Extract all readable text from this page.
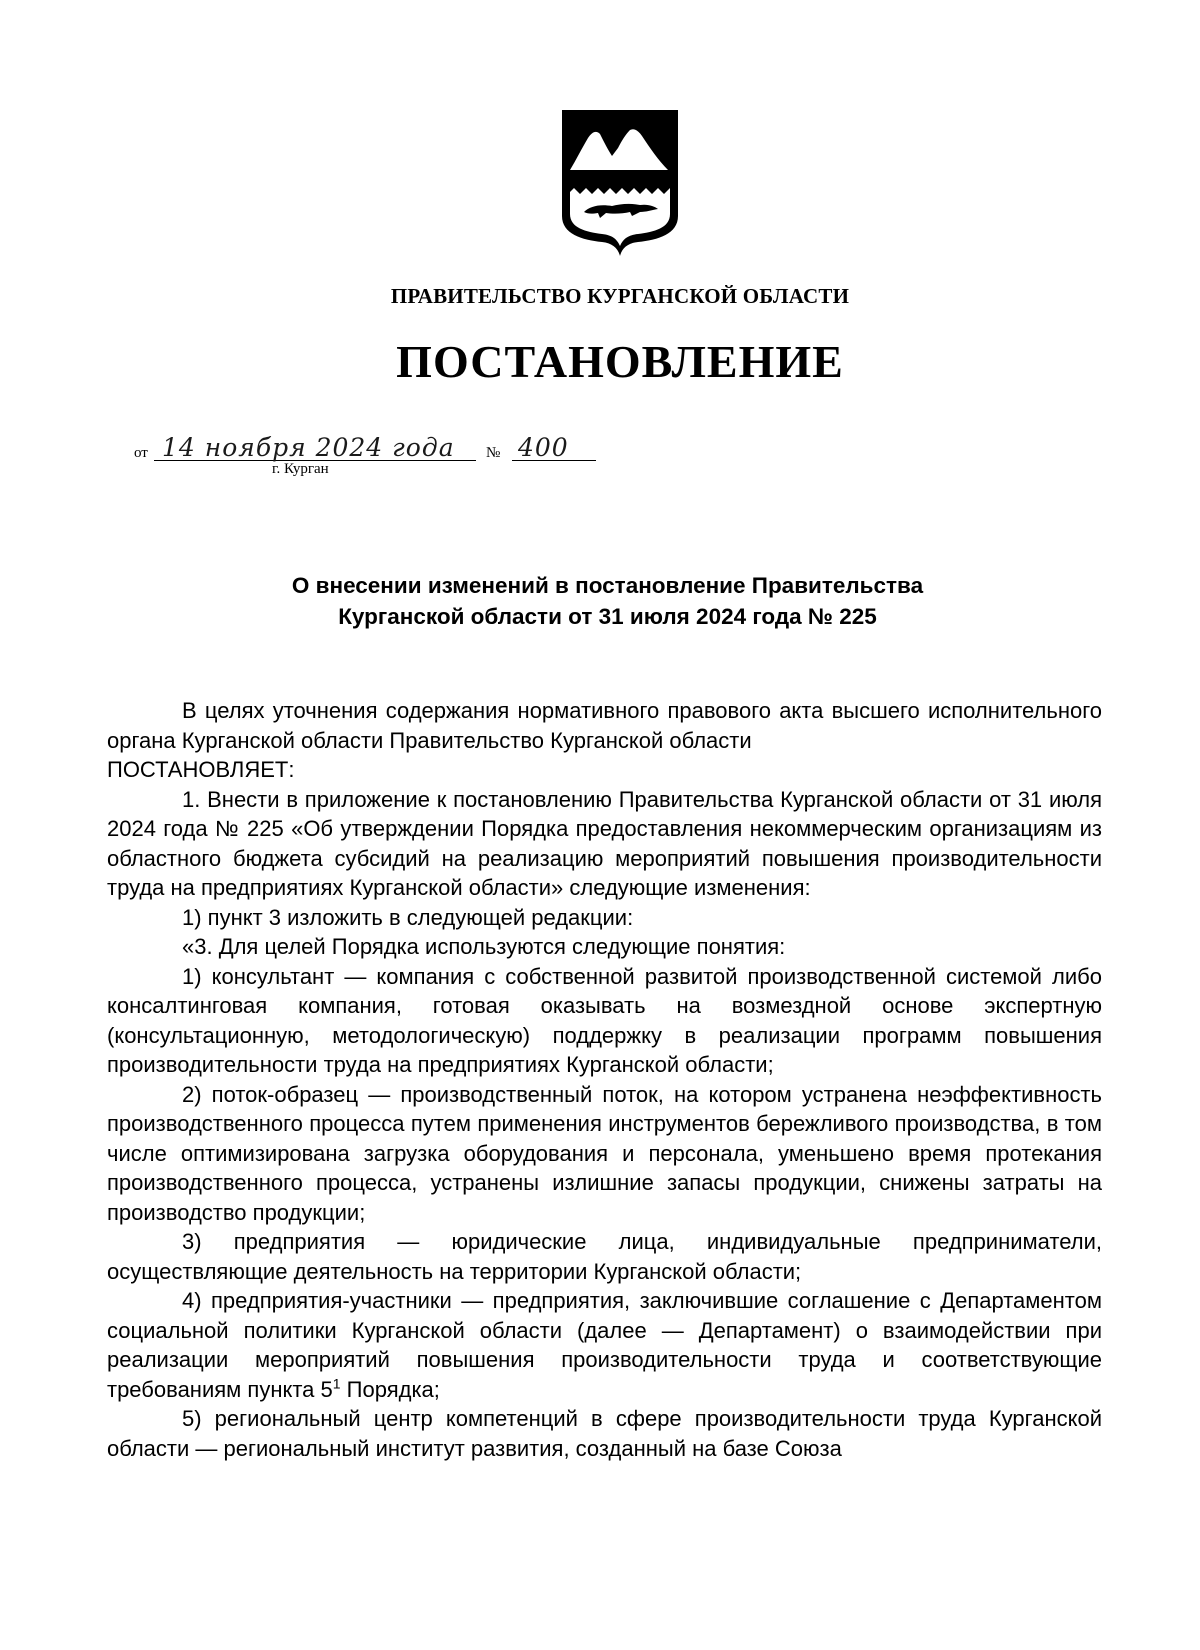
ПРАВИТЕЛЬСТВО КУРГАНСКОЙ ОБЛАСТИ
ПОСТАНОВЛЕНИЕ
от 14 ноября 2024 года № 400
г. Курган
О внесении изменений в постановление Правительства
Курганской области от 31 июля 2024 года № 225

В целях уточнения содержания нормативного правового акта высшего исполнительного органа Курганской области Правительство Курганской области

ПОСТАНОВЛЯЕТ:

1. Внести в приложение к постановлению Правительства Курганской области от 31 июля 2024 года № 225 «Об утверждении Порядка предоставления некоммерческим организациям из областного бюджета субсидий на реализацию мероприятий повышения производительности труда на предприятиях Курганской области» следующие изменения:

1) пункт 3 изложить в следующей редакции:

«3. Для целей Порядка используются следующие понятия:

1) консультант — компания с собственной развитой производственной системой либо консалтинговая компания, готовая оказывать на возмездной основе экспертную (консультационную, методологическую) поддержку в реализации программ повышения производительности труда на предприятиях Курганской области;

2) поток-образец — производственный поток, на котором устранена неэффективность производственного процесса путем применения инструментов бережливого производства, в том числе оптимизирована загрузка оборудования и персонала, уменьшено время протекания производственного процесса, устранены излишние запасы продукции, снижены затраты на производство продукции;

3) предприятия — юридические лица, индивидуальные предприниматели, осуществляющие деятельность на территории Курганской области;

4) предприятия-участники — предприятия, заключившие соглашение с Департаментом социальной политики Курганской области (далее — Департамент) о взаимодействии при реализации мероприятий повышения производительности труда и соответствующие требованиям пункта $5^1$ Порядка;

5) региональный центр компетенций в сфере производительности труда Курганской области — региональный институт развития, созданный на базе Союза
